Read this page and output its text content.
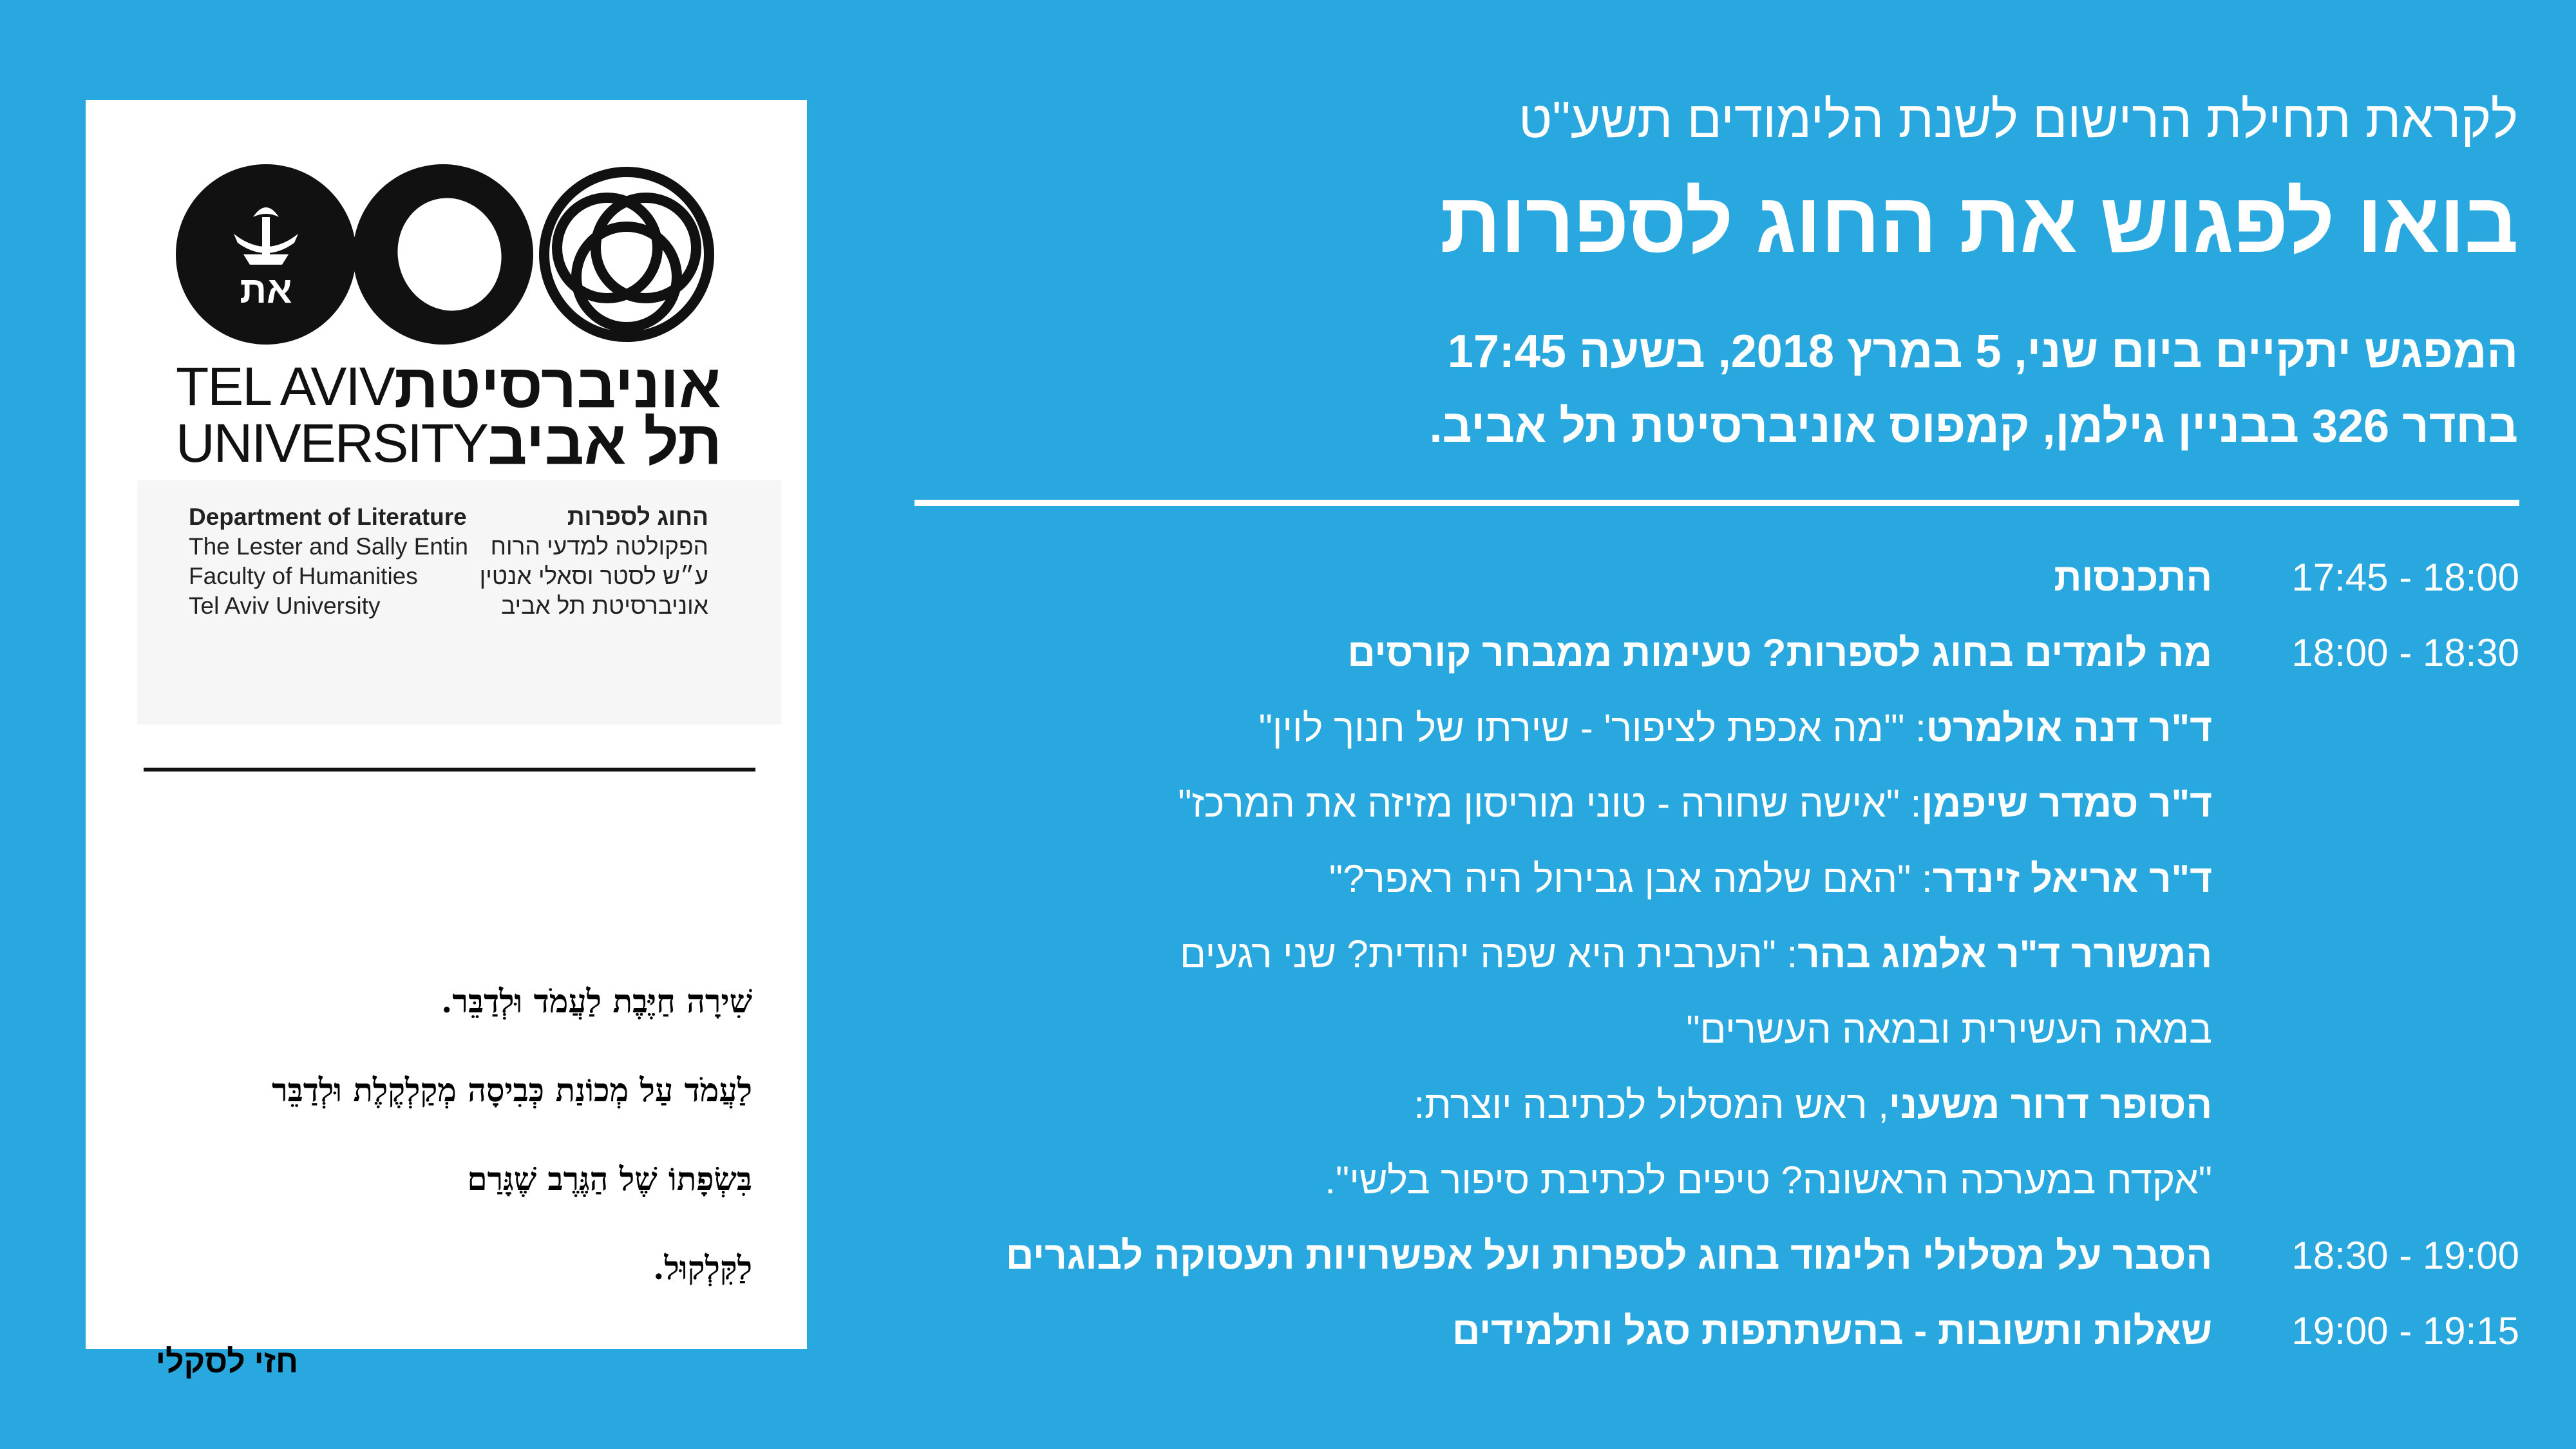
את
TEL AVIV אוניברסיטת
UNIVERSITY תל אביב
שִׁירָה חַיֶּבֶת לַעֲמֹד וּלְדַבֵּר.
לַעֲמֹד עַל מְכוֹנַת כְּבִיסָה מְקַלְקֶלֶת וּלְדַבֵּר
בִּשְׂפָתוֹ שֶׁל הַגֶּרֶב שֶׁגָּרַם
לַקִּלְקוּל.
חזי לסקלי
Department of Literature
The Lester and Sally Entin
Faculty of Humanities
Tel Aviv University
החוג לספרות
הפקולטה למדעי הרוח
ע״ש לסטר וסאלי אנטין
אוניברסיטת תל אביב
לקראת תחילת הרישום לשנת הלימודים תשע"ט
בואו לפגוש את החוג לספרות
המפגש יתקיים ביום שני, 5 במרץ 2018, בשעה 17:45
בחדר 326 בבניין גילמן, קמפוס אוניברסיטת תל אביב.
17:45 - 18:00
התכנסות
18:00 - 18:30
מה לומדים בחוג לספרות? טעימות ממבחר קורסים
ד"ר דנה אולמרט: "'מה אכפת לציפור' - שירתו של חנוך לוין"
ד"ר סמדר שיפמן: "אישה שחורה - טוני מוריסון מזיזה את המרכז"
ד"ר אריאל זינדר: "האם שלמה אבן גבירול היה ראפר?"
המשורר ד"ר אלמוג בהר: "הערבית היא שפה יהודית? שני רגעים
במאה העשירית ובמאה העשרים"
הסופר דרור משעני, ראש המסלול לכתיבה יוצרת:
"אקדח במערכה הראשונה? טיפים לכתיבת סיפור בלשי".
18:30 - 19:00
הסבר על מסלולי הלימוד בחוג לספרות ועל אפשרויות תעסוקה לבוגרים
19:00 - 19:15
שאלות ותשובות - בהשתתפות סגל ותלמידים
